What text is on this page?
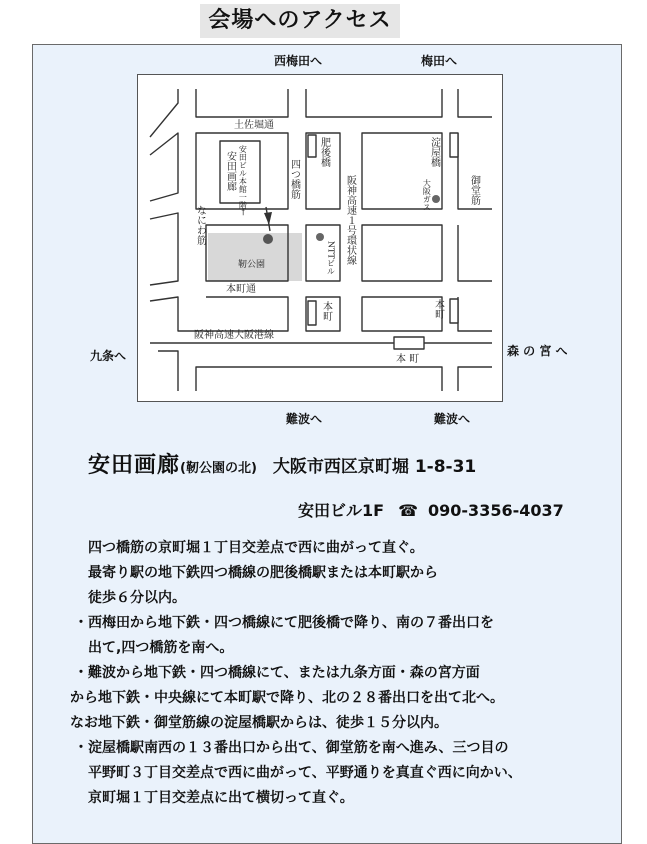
会場へのアクセス
西梅田へ	梅田へ
九条へ	森 の 宮 へ
難波へ	難波へ
土佐堀通
肥後橋	淀屋橋
御堂筋
四つ橋筋
安田ビル本館一階←
安田画廊
なにわ筋	阪神高速１号環状線	大阪ガス
NTTビル
靭公園
本町通
阪神高速大阪港線
本町	本町
本 町
安田画廊(靭公園の北) 大阪市西区京町堀 1-8-31
安田ビル1F ☎ 090-3356-4037
四つ橋筋の京町堀１丁目交差点で西に曲がって直ぐ。
最寄り駅の地下鉄四つ橋線の肥後橋駅または本町駅から
徒歩６分以内。
・西梅田から地下鉄・四つ橋線にて肥後橋で降り、南の７番出口を
出て,四つ橋筋を南へ。
・難波から地下鉄・四つ橋線にて、または九条方面・森の宮方面
から地下鉄・中央線にて本町駅で降り、北の２８番出口を出て北へ。
なお地下鉄・御堂筋線の淀屋橋駅からは、徒歩１５分以内。
・淀屋橋駅南西の１３番出口から出て、御堂筋を南へ進み、三つ目の
平野町３丁目交差点で西に曲がって、平野通りを真直ぐ西に向かい、
京町堀１丁目交差点に出て横切って直ぐ。
